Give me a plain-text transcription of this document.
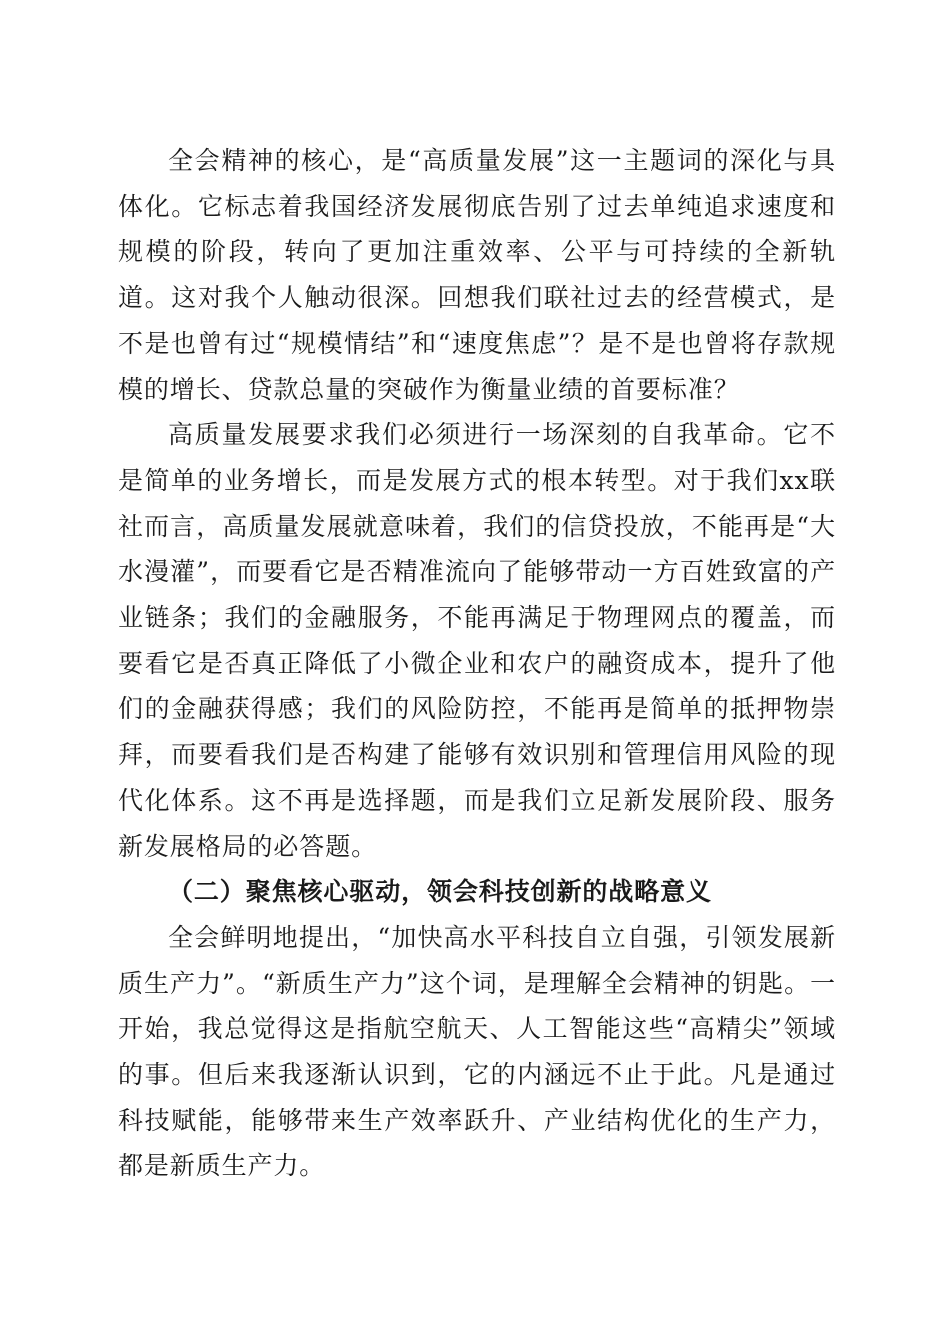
全会精神的核心，是“高质量发展”这一主题词的深化与具体化。它标志着我国经济发展彻底告别了过去单纯追求速度和规模的阶段，转向了更加注重效率、公平与可持续的全新轨道。这对我个人触动很深。回想我们联社过去的经营模式，是不是也曾有过“规模情结”和“速度焦虑”？是不是也曾将存款规模的增长、贷款总量的突破作为衡量业绩的首要标准？

高质量发展要求我们必须进行一场深刻的自我革命。它不是简单的业务增长，而是发展方式的根本转型。对于我们xx联社而言，高质量发展就意味着，我们的信贷投放，不能再是“大水漫灌”，而要看它是否精准流向了能够带动一方百姓致富的产业链条；我们的金融服务，不能再满足于物理网点的覆盖，而要看它是否真正降低了小微企业和农户的融资成本，提升了他们的金融获得感；我们的风险防控，不能再是简单的抵押物崇拜，而要看我们是否构建了能够有效识别和管理信用风险的现代化体系。这不再是选择题，而是我们立足新发展阶段、服务新发展格局的必答题。

（二）聚焦核心驱动，领会科技创新的战略意义

全会鲜明地提出，“加快高水平科技自立自强，引领发展新质生产力”。“新质生产力”这个词，是理解全会精神的钥匙。一开始，我总觉得这是指航空航天、人工智能这些“高精尖”领域的事。但后来我逐渐认识到，它的内涵远不止于此。凡是通过科技赋能，能够带来生产效率跃升、产业结构优化的生产力，都是新质生产力。
